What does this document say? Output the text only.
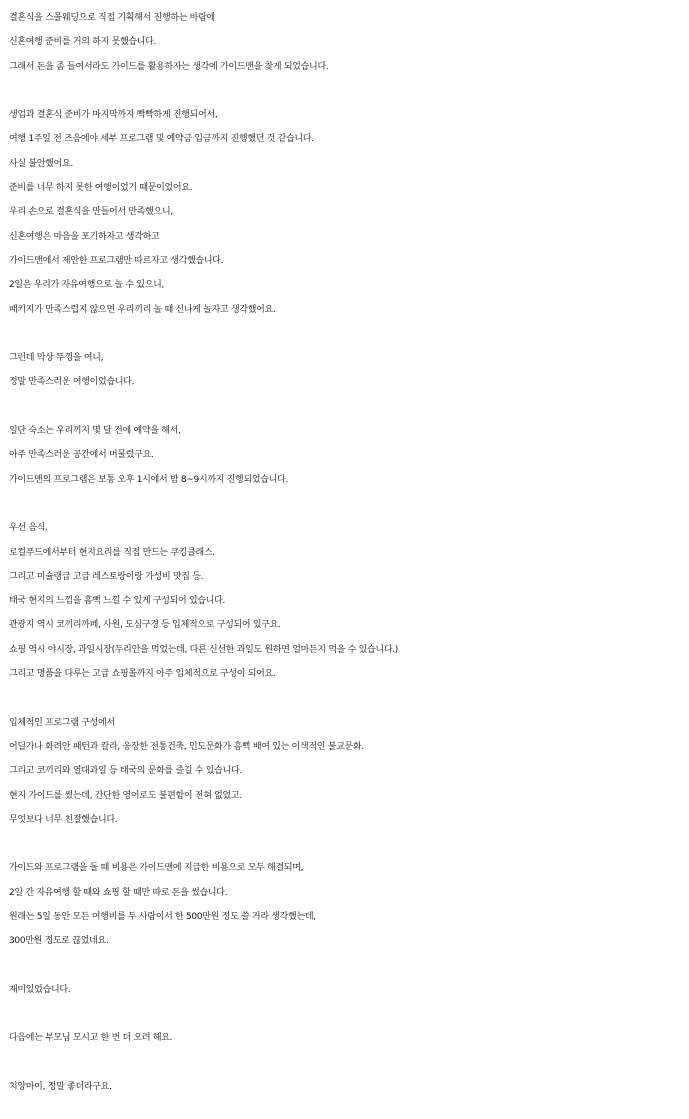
결혼식을 스몰웨딩으로 직접 기획해서 진행하는 바람에
신혼여행 준비를 거의 하지 못했습니다.
그래서 돈을 좀 들여서라도 가이드를 활용하자는 생각에 가이드맨을 찾게 되었습니다.
생업과 결혼식 준비가 마지막까지 빡빡하게 진행되어서,
여행 1주일 전 즈음에야 세부 프로그램 및 예약금 입금까지 진행했던 것 같습니다.
사실 불안했어요.
준비를 너무 하지 못한 여행이었기 때문이었어요.
우리 손으로 결혼식을 만들어서 만족했으니,
신혼여행은 마음을 포기하자고 생각하고
가이드맨에서 제안한 프로그램만 따르자고 생각했습니다.
2일은 우리가 자유여행으로 놀 수 있으니,
패키지가 만족스럽지 않으면 우리끼리 놀 때 신나게 놀자고 생각했어요.
그런데 막상 뚜껑을 여니,
정말 만족스러운 여행이었습니다.
일단 숙소는 우리끼지 몇 달 전에 예약을 해서,
아주 만족스러운 공간에서 머물렀구요.
가이드맨의 프로그램은 보통 오후 1시에서 밤 8~9시까지 진행되었습니다.
우선 음식.
로컬푸드에서부터 현지요리를 직접 만드는 쿠킹클래스.
그리고 미슐랭급 고급 레스토랑이랑 가성비 맛집 등.
태국 현지의 느낌을 흠뻑 느낄 수 있게 구성되어 있습니다.
관광지 역시 코끼리까페, 사원, 도심구경 등 입체적으로 구성되어 있구요.
쇼핑 역시 야시장, 과일시장(두리안을 먹었는데, 다른 신선한 과일도 원하면 얼마든지 먹을 수 있습니다.)
그리고 명품을 다루는 고급 쇼핑몰까지 아주 입체적으로 구성이 되어요.
입체적인 프로그램 구성에서
어딜가나 화려안 패턴과 칼라, 웅장한 전통건축, 인도문화가 흠뻑 배여 있는 이색적인 불교문화.
그리고 코끼리와 열대과일 등 태국의 문화를 즐길 수 있습니다.
현지 가이드를 썼는데, 간단한 영어로도 불편함이 전혀 없었고.
무엇보다 너무 친절했습니다.
가이드와 프로그램을 돌 때 비용은 가이드맨에 지급한 비용으로 모두 해결되며,
2일 간 자유여행 할 때와 쇼핑 할 때만 따로 돈을 썼습니다.
원래는 5일 동안 모든 여행비를 두 사람이서 한 500만원 정도 쓸 거라 생각했는데,
300만원 정도로 끊었네요.
재미있었습니다.
다음에는 부모님 모시고 한 번 더 오려 해요.
치앙마이, 정말 좋더라구요.
